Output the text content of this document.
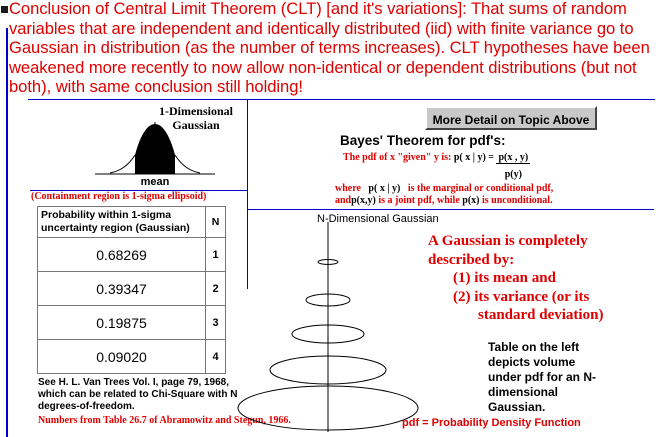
Conclusion of Central Limit Theorem (CLT) [and it's variations]: That sums of random variables that are independent and identically distributed (iid) with finite variance go to Gaussian in distribution (as the number of terms increases). CLT hypotheses have been weakened more recently to now allow non-identical or dependent distributions (but not both), with same conclusion still holding!
1-Dimensional
Gaussian
mean
(Containment region is 1-sigma ellipsoid)
Probability within 1-sigma uncertainty region (Gaussian)	N
0.68269	1
0.39347	2
0.19875	3
0.09020	4
See H. L. Van Trees Vol. I, page 79, 1968, which can be related to Chi-Square with N degrees-of-freedom.
Numbers from Table 26.7 of Abramowitz and Stegun, 1966.
More Detail on Topic Above
Bayes' Theorem for pdf's:
The pdf of x "given" y is: p( x | $y) = \frac{p(x , y)}{p(y)}$
where p( x | y) is the marginal or conditional pdf,
andp(x,y) is a joint pdf, while p(x) is unconditional.
N-Dimensional Gaussian
A Gaussian is completely
described by:
(1) its mean and
(2) its variance (or its
standard deviation)
Table on the left depicts volume under pdf for an N-dimensional Gaussian.
pdf = Probability Density Function
